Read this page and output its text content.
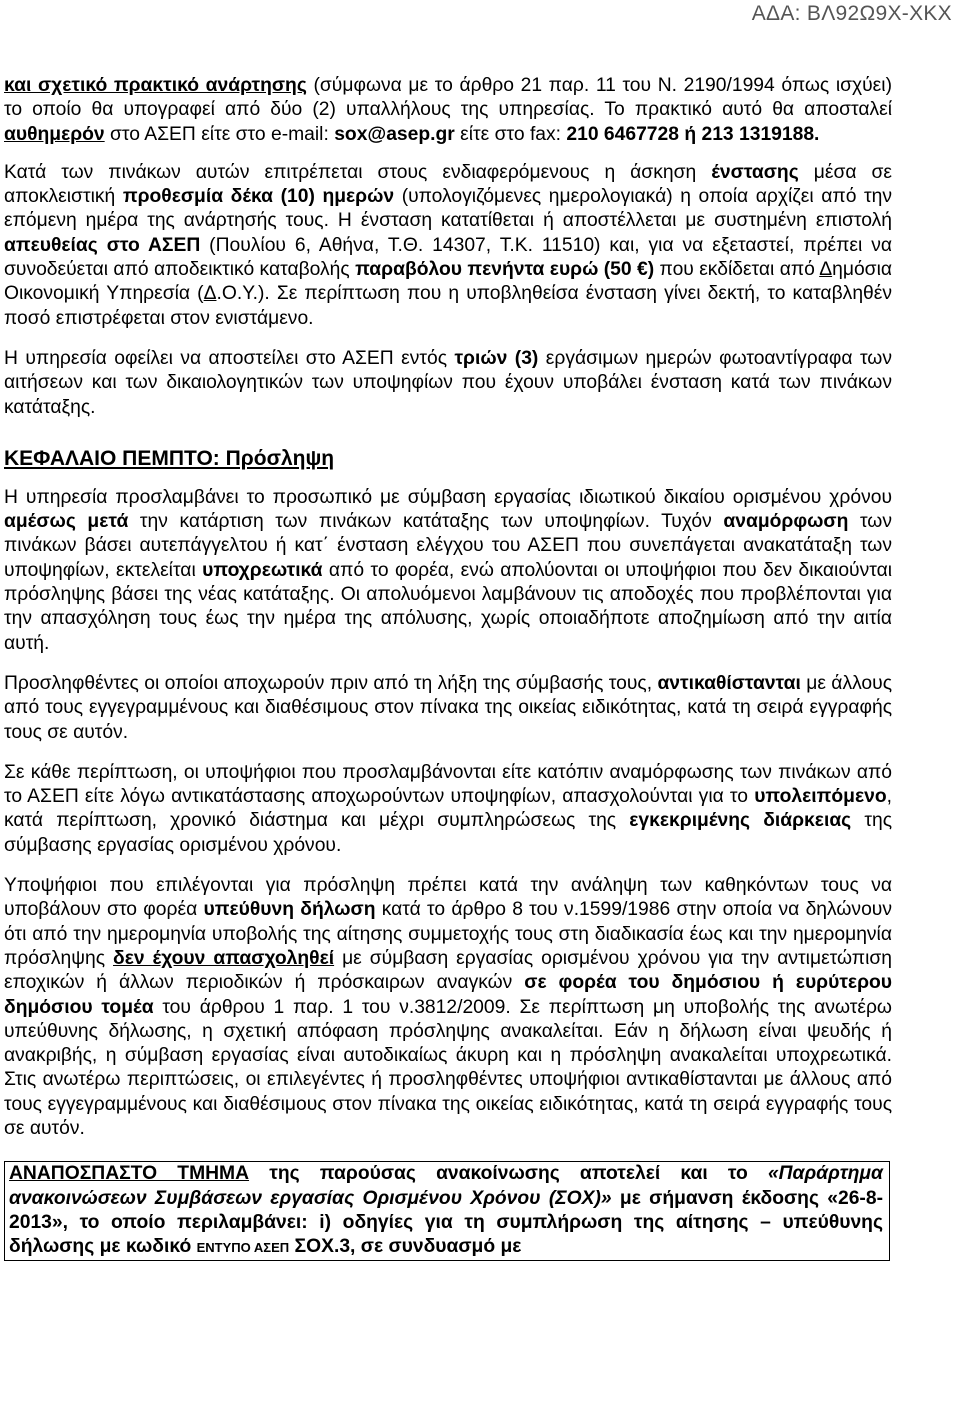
ΑΔΑ: ΒΛ92Ω9Χ-ΧΚΧ

και σχετικό πρακτικό ανάρτησης (σύμφωνα με το άρθρο 21 παρ. 11 του Ν. 2190/1994 όπως ισχύει) το οποίο θα υπογραφεί από δύο (2) υπαλλήλους της υπηρεσίας. Το πρακτικό αυτό θα αποσταλεί αυθημερόν στο ΑΣΕΠ είτε στο e-mail: sox@asep.gr είτε στο fax: 210 6467728 ή 213 1319188.

Κατά των πινάκων αυτών επιτρέπεται στους ενδιαφερόμενους η άσκηση ένστασης μέσα σε αποκλειστική προθεσμία δέκα (10) ημερών (υπολογιζόμενες ημερολογιακά) η οποία αρχίζει από την επόμενη ημέρα της ανάρτησής τους. Η ένσταση κατατίθεται ή αποστέλλεται με συστημένη επιστολή απευθείας στο ΑΣΕΠ (Πουλίου 6, Αθήνα, Τ.Θ. 14307, Τ.Κ. 11510) και, για να εξεταστεί, πρέπει να συνοδεύεται από αποδεικτικό καταβολής παραβόλου πενήντα ευρώ (50 €) που εκδίδεται από Δημόσια Οικονομική Υπηρεσία (Δ.Ο.Υ.). Σε περίπτωση που η υποβληθείσα ένσταση γίνει δεκτή, το καταβληθέν ποσό επιστρέφεται στον ενιστάμενο.

Η υπηρεσία οφείλει να αποστείλει στο ΑΣΕΠ εντός τριών (3) εργάσιμων ημερών φωτοαντίγραφα των αιτήσεων και των δικαιολογητικών των υποψηφίων που έχουν υποβάλει ένσταση κατά των πινάκων κατάταξης.

ΚΕΦΑΛΑΙΟ ΠΕΜΠΤΟ: Πρόσληψη

Η υπηρεσία προσλαμβάνει το προσωπικό με σύμβαση εργασίας ιδιωτικού δικαίου ορισμένου χρόνου αμέσως μετά την κατάρτιση των πινάκων κατάταξης των υποψηφίων. Τυχόν αναμόρφωση των πινάκων βάσει αυτεπάγγελτου ή κατ΄ ένσταση ελέγχου του ΑΣΕΠ που συνεπάγεται ανακατάταξη των υποψηφίων, εκτελείται υποχρεωτικά από το φορέα, ενώ απολύονται οι υποψήφιοι που δεν δικαιούνται πρόσληψης βάσει της νέας κατάταξης. Οι απολυόμενοι λαμβάνουν τις αποδοχές που προβλέπονται για την απασχόληση τους έως την ημέρα της απόλυσης, χωρίς οποιαδήποτε αποζημίωση από την αιτία αυτή.

Προσληφθέντες οι οποίοι αποχωρούν πριν από τη λήξη της σύμβασής τους, αντικαθίστανται με άλλους από τους εγγεγραμμένους και διαθέσιμους στον πίνακα της οικείας ειδικότητας, κατά τη σειρά εγγραφής τους σε αυτόν.

Σε κάθε περίπτωση, οι υποψήφιοι που προσλαμβάνονται είτε κατόπιν αναμόρφωσης των πινάκων από το ΑΣΕΠ είτε λόγω αντικατάστασης αποχωρούντων υποψηφίων, απασχολούνται για το υπολειπόμενο, κατά περίπτωση, χρονικό διάστημα και μέχρι συμπληρώσεως της εγκεκριμένης διάρκειας της σύμβασης εργασίας ορισμένου χρόνου.

Υποψήφιοι που επιλέγονται για πρόσληψη πρέπει κατά την ανάληψη των καθηκόντων τους να υποβάλουν στο φορέα υπεύθυνη δήλωση κατά το άρθρο 8 του ν.1599/1986 στην οποία να δηλώνουν ότι από την ημερομηνία υποβολής της αίτησης συμμετοχής τους στη διαδικασία έως και την ημερομηνία πρόσληψης δεν έχουν απασχοληθεί με σύμβαση εργασίας ορισμένου χρόνου για την αντιμετώπιση εποχικών ή άλλων περιοδικών ή πρόσκαιρων αναγκών σε φορέα του δημόσιου ή ευρύτερου δημόσιου τομέα του άρθρου 1 παρ. 1 του ν.3812/2009. Σε περίπτωση μη υποβολής της ανωτέρω υπεύθυνης δήλωσης, η σχετική απόφαση πρόσληψης ανακαλείται. Εάν η δήλωση είναι ψευδής ή ανακριβής, η σύμβαση εργασίας είναι αυτοδικαίως άκυρη και η πρόσληψη ανακαλείται υποχρεωτικά. Στις ανωτέρω περιπτώσεις, οι επιλεγέντες ή προσληφθέντες υποψήφιοι αντικαθίστανται με άλλους από τους εγγεγραμμένους και διαθέσιμους στον πίνακα της οικείας ειδικότητας, κατά τη σειρά εγγραφής τους σε αυτόν.

ΑΝΑΠΟΣΠΑΣΤΟ ΤΜΗΜΑ της παρούσας ανακοίνωσης αποτελεί και το «Παράρτημα ανακοινώσεων Συμβάσεων εργασίας Ορισμένου Χρόνου (ΣΟΧ)» με σήμανση έκδοσης «26-8-2013», το οποίο περιλαμβάνει: i) οδηγίες για τη συμπλήρωση της αίτησης – υπεύθυνης δήλωσης με κωδικό ΕΝΤΥΠΟ ΑΣΕΠ ΣΟΧ.3, σε συνδυασμό με
